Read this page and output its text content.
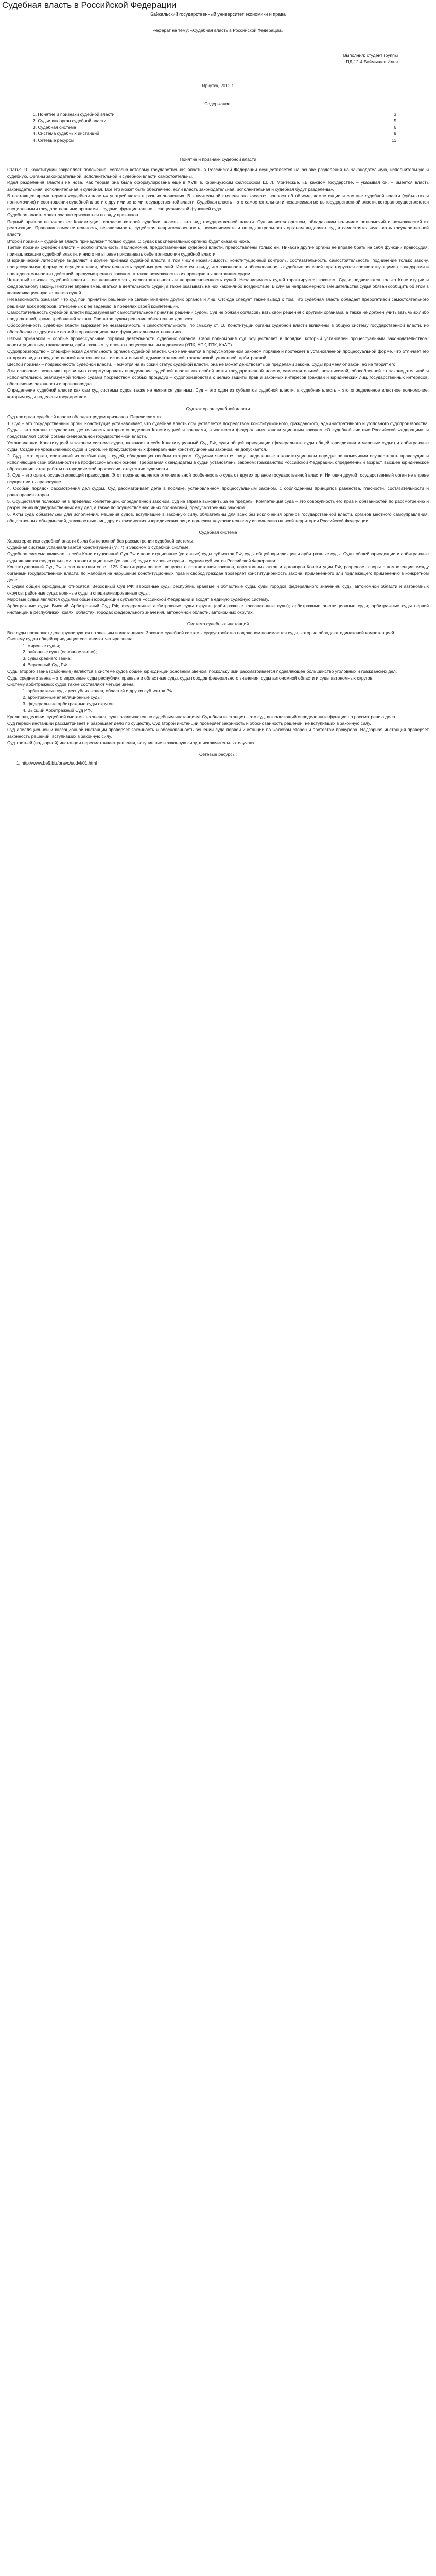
Судебная власть в Российской Федерации
Байкальский государственный университет экономики и права
Реферат на тему: «Судебная власть в Российской Федерации»
Выполнил: студент группы
ПД-12-4 Баймышев Илья
Иркутск, 2012 г.
Содержание:
1. Понятие и признаки судебной власти	3
2. Судьи как орган судебной власти	5
3. Судебная система	6
4. Система судебных инстанций	8
4. Сетевые ресурсы	11
Понятие и признаки судебной власти

Статья 10 Конституции закрепляет положение, согласно которому государственная власть в Российской Федерации осуществляется на основе разделения на законодательную, исполнительную и судебную. Органы законодательной, исполнительной и судебной власти самостоятельны.

Идея разделения властей не нова. Как теория она была сформулирована еще в XVIII в. французским философом Ш. Л. Монтескье. «В каждом государстве, – указывал он, – имеется власть законодательная, исполнительная и судебная. Все это может быть обеспечено, если власть законодательная, исполнительная и судебная будут разделены».

В настоящее время термин «судебная власть» употребляется в разных значениях. В значительной степени это касается вопроса об объеме, компетенции и составе судебной власти (субъектах и полномочиях) и соотношения судебной власти с другими ветвями государственной власти. Судебная власть – это самостоятельная и независимая ветвь государственной власти, которая осуществляется специальными государственными органами – судами, функционально – специфической функцией суда.

Судебная власть может охарактеризоваться по ряду признаков.

Первый признак выражает ее Конституция, согласно которой судебная власть – это вид государственной власти. Суд является органом, обладающим наличием полномочий и возможностей их реализации. Правовая самостоятельность, независимость, судейская неприкосновенность, несменяемость и неподконтрольность органам выделяют суд в самостоятельную ветвь государственной власти.

Второй признак – судебная власть принадлежит только судам. О судах как специальных органах будет сказано ниже.

Третий признак судебной власти – исключительность. Полномочия, предоставленные судебной власти, предоставлены только ей. Никакие другие органы не вправе брать на себя функции правосудия, принадлежащие судебной власти, и никто не вправе присваивать себе полномочия судебной власти.

В юридической литературе выделяют и другие признаки судебной власти, в том числе независимость, конституционный контроль, состязательность, самостоятельность, подчинение только закону, процессуальную форму ее осуществления, обязательность судебных решений. Имеется в виду, что законность и обоснованность судебных решений гарантируются соответствующими процедурами и последовательностью действий, предусмотренных законом, а также возможностью их проверки вышестоящим судом.

Четвертый признак судебной власти – ее независимость, самостоятельность и неприкосновенность судей. Независимость судей гарантируется законом. Судьи подчиняются только Конституции и федеральному закону. Никто не вправе вмешиваться в деятельность судей, а также оказывать на них какое-либо воздействие. В случае неправомерного вмешательства судья обязан сообщить об этом в квалификационную коллегию судей.

Независимость означает, что суд при принятии решений не связан мнением других органов и лиц. Отсюда следует также вывод о том, что судебная власть обладает прерогативой самостоятельного решения всех вопросов, отнесенных к ее ведению, в пределах своей компетенции.

Самостоятельность судебной власти подразумевает самостоятельное принятие решений судом. Суд не обязан согласовывать свои решения с другими органами, а также не должен учитывать чьих-либо предпочтений, кроме требований закона. Принятое судом решение обязательно для всех.

Обособленность судебной власти выражает ее независимость и самостоятельность: по смыслу ст. 10 Конституции органы судебной власти включены в общую систему государственной власти, но обособлены от других ее ветвей в организационном и функциональном отношениях.

Пятым признаком – особые процессуальные порядки деятельности судебных органов. Свои полномочия суд осуществляет в порядке, который установлен процессуальным законодательством: конституционным, гражданским, арбитражным, уголовно-процессуальным кодексами (УПК, АПК, ГПК, КоАП).

Судопроизводство – специфическая деятельность органов судебной власти. Оно начинается в предусмотренном законом порядке и протекает в установленной процессуальной форме, что отличает его от других видов государственной деятельности – исполнительной, административной, гражданской, уголовной, арбитражной.

Шестой признак – подзаконность судебной власти. Несмотря на высокий статус судебной власти, она не может действовать за пределами закона. Суды применяют закон, но не творят его.

Эти основания позволяют правильно сформулировать определение судебной власти как особой ветви государственной власти, самостоятельной, независимой, обособленной от законодательной и исполнительной, реализуемой только судами посредством особых процедур – судопроизводства с целью защиты прав и законных интересов граждан и юридических лиц, государственных интересов, обеспечения законности и правопорядка.

Определение судебной власти как сам суд системы судов также не является удачным. Суд – это один из субъектов судебной власти, а судебная власть – это определенное властное полномочие, которым суды наделены государством.

Суд как орган судебной власти

Суд как орган судебной власти обладает рядом признаков. Перечислим их.

1. Суд – это государственный орган. Конституция устанавливает, что судебная власть осуществляется посредством конституционного, гражданского, административного и уголовного судопроизводства. Суды – это органы государства, деятельность которых определена Конституцией и законами, в частности федеральным конституционным законом «О судебной системе Российской Федерации», и представляют собой органы федеральной государственной власти.

Установленная Конституцией и законом система судов, включает в себя Конституционный Суд РФ, суды общей юрисдикции (федеральные суды общей юрисдикции и мировые судьи) и арбитражные суды. Создание чрезвычайных судов и судов, не предусмотренных федеральным конституционным законом, не допускается.

2. Суд – это орган, состоящий из особых лиц – судей, обладающих особым статусом. Судьями являются лица, наделенные в конституционном порядке полномочиями осуществлять правосудие и исполняющие свои обязанности на профессиональной основе. Требования к кандидатам в судьи установлены законом: гражданство Российской Федерации, определенный возраст, высшее юридическое образование, стаж работы по юридической профессии, отсутствие судимости.

3. Суд – это орган, осуществляющий правосудие. Этот признак является отличительной особенностью суда от других органов государственной власти. Ни один другой государственный орган не вправе осуществлять правосудие.

4. Особый порядок рассмотрения дел судом. Суд рассматривает дела в порядке, установленном процессуальным законом, с соблюдением принципов равенства, гласности, состязательности и равноправия сторон.

5. Осуществляя полномочия в пределах компетенции, определенной законом, суд не вправе выходить за ее пределы. Компетенция суда – это совокупность его прав и обязанностей по рассмотрению и разрешению подведомственных ему дел, а также по осуществлению иных полномочий, предусмотренных законом.

6. Акты суда обязательны для исполнения. Решения судов, вступившие в законную силу, обязательны для всех без исключения органов государственной власти, органов местного самоуправления, общественных объединений, должностных лиц, других физических и юридических лиц и подлежат неукоснительному исполнению на всей территории Российской Федерации.

Судебная система

Характеристика судебной власти была бы неполной без рассмотрения судебной системы.

Судебная система устанавливается Конституцией (гл. 7) и Законом о судебной системе.

Судебная система включает в себя Конституционный Суд РФ и конституционные (уставные) суды субъектов РФ, суды общей юрисдикции и арбитражные суды. Суды общей юрисдикции и арбитражные суды являются федеральными, а конституционные (уставные) суды и мировые судьи – судами субъектов Российской Федерации.

Конституционный Суд РФ в соответствии со ст. 125 Конституции решает вопросы о соответствии законов, нормативных актов и договоров Конституции РФ, разрешает споры о компетенции между органами государственной власти, по жалобам на нарушение конституционных прав и свобод граждан проверяет конституционность закона, примененного или подлежащего применению в конкретном деле.

К судам общей юрисдикции относятся: Верховный Суд РФ; верховные суды республик, краевые и областные суды, суды городов федерального значения, суды автономной области и автономных округов; районные суды; военные суды и специализированные суды.

Мировые судьи являются судьями общей юрисдикции субъектов Российской Федерации и входят в единую судебную систему.

Арбитражные суды: Высший Арбитражный Суд РФ; федеральные арбитражные суды округов (арбитражные кассационные суды); арбитражные апелляционные суды; арбитражные суды первой инстанции в республиках, краях, областях, городах федерального значения, автономной области, автономных округах.

Система судебных инстанций

Все суды проверяют дела группируются по звеньям и инстанциям. Законом судебной системы судоустройства под звеном понимаются суды, которые обладают одинаковой компетенцией.

Систему судов общей юрисдикции составляют четыре звена:

1. мировые судьи;
2. районные суды (основное звено);
3. суды среднего звена;
4. Верховный Суд РФ.

Суды второго звена (районные) являются в системе судов общей юрисдикции основным звеном, поскольку ими рассматривается подавляющее большинство уголовных и гражданских дел.

Суды среднего звена – это верховные суды республик, краевые и областные суды, суды городов федерального значения, суды автономной области и суды автономных округов.

Систему арбитражных судов также составляют четыре звена:

1. арбитражные суды республик, краев, областей и других субъектов РФ;
2. арбитражные апелляционные суды;
3. федеральные арбитражные суды округов;
4. Высший Арбитражный Суд РФ.

Кроме разделения судебной системы на звенья, суды различаются по судебным инстанциям. Судебная инстанция – это суд, выполняющий определенные функции по рассмотрению дела.

Суд первой инстанции рассматривает и разрешает дело по существу. Суд второй инстанции проверяет законность и обоснованность решений, не вступивших в законную силу.

Суд апелляционной и кассационной инстанции проверяет законность и обоснованность решений суда первой инстанции по жалобам сторон и протестам прокурора. Надзорная инстанция проверяет законность решений, вступивших в законную силу.

Суд третьей (надзорной) инстанции пересматривает решения, вступившие в законную силу, в исключительных случаях.

Сетевые ресурсы:
1. http://www.be5.biz/pravo/sudvl/01.html
